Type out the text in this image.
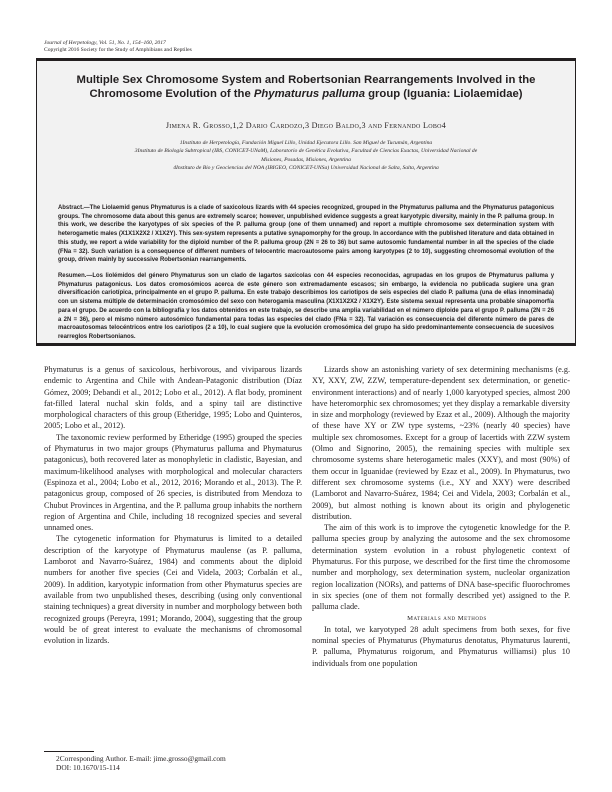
Journal of Herpetology, Vol. 51, No. 1, 154–160, 2017
Copyright 2016 Society for the Study of Amphibians and Reptiles
Multiple Sex Chromosome System and Robertsonian Rearrangements Involved in the
Chromosome Evolution of the Phymaturus palluma group (Iguania: Liolaemidae)
Jimena R. Grosso,1,2 Dario Cardozo,3 Diego Baldo,3 and Fernando Lobo4
1Instituto de Herpetología, Fundación Miguel Lillo, Unidad Ejecutora Lillo. San Miguel de Tucumán, Argentina
3Instituto de Biología Subtropical (IBS, CONICET-UNaM), Laboratorio de Genética Evolutiva, Facultad de Ciencias Exactas, Universidad Nacional de
Misiones, Posadas, Misiones, Argentina
4Instituto de Bio y Geociencias del NOA (IBIGEO, CONICET-UNSa) Universidad Nacional de Salta, Salta, Argentina
Abstract.—The Liolaemid genus Phymaturus is a clade of saxicolous lizards with 44 species recognized, grouped in the Phymaturus palluma and the Phymaturus patagonicus groups. The chromosome data about this genus are extremely scarce; however, unpublished evidence suggests a great karyotypic diversity, mainly in the P. palluma group. In this work, we describe the karyotypes of six species of the P. palluma group (one of them unnamed) and report a multiple chromosome sex determination system with heterogametic males (X1X1X2X2 / X1X2Y). This sex-system represents a putative synapomorphy for the group. In accordance with the published literature and data obtained in this study, we report a wide variability for the diploid number of the P. palluma group (2N = 26 to 36) but same autosomic fundamental number in all the species of the clade (FNa = 32). Such variation is a consequence of different numbers of telocentric macroautosome pairs among karyotypes (2 to 10), suggesting chromosomal evolution of the group, driven mainly by successive Robertsonian rearrangements.
Resumen.—Los liolémidos del género Phymaturus son un clado de lagartos saxícolas con 44 especies reconocidas, agrupadas en los grupos de Phymaturus palluma y Phymaturus patagonicus. Los datos cromosómicos acerca de este género son extremadamente escasos; sin embargo, la evidencia no publicada sugiere una gran diversificación cariotípica, principalmente en el grupo P. palluma. En este trabajo describimos los cariotipos de seis especies del clado P. palluma (una de ellas innominada) con un sistema múltiple de determinación cromosómico del sexo con heterogamia masculina (X1X1X2X2 / X1X2Y). Este sistema sexual representa una probable sinapomorfía para el grupo. De acuerdo con la bibliografía y los datos obtenidos en este trabajo, se describe una amplia variabilidad en el número diploide para el grupo P. palluma (2N = 26 a 2N = 36), pero el mismo número autosómico fundamental para todas las especies del clado (FNa = 32). Tal variación es consecuencia del diferente número de pares de macroautosomas telocéntricos entre los cariotipos (2 a 10), lo cual sugiere que la evolución cromosómica del grupo ha sido predominantemente consecuencia de sucesivos rearreglos Robertsonianos.

Phymaturus is a genus of saxicolous, herbivorous, and viviparous lizards endemic to Argentina and Chile with Andean-Patagonic distribution (Díaz Gómez, 2009; Debandi et al., 2012; Lobo et al., 2012). A flat body, prominent fat-filled lateral nuchal skin folds, and a spiny tail are distinctive morphological characters of this group (Etheridge, 1995; Lobo and Quinteros, 2005; Lobo et al., 2012).

The taxonomic review performed by Etheridge (1995) grouped the species of Phymaturus in two major groups (Phymaturus palluma and Phymaturus patagonicus), both recovered later as monophyletic in cladistic, Bayesian, and maximum-likelihood analyses with morphological and molecular characters (Espinoza et al., 2004; Lobo et al., 2012, 2016; Morando et al., 2013). The P. patagonicus group, composed of 26 species, is distributed from Mendoza to Chubut Provinces in Argentina, and the P. palluma group inhabits the northern region of Argentina and Chile, including 18 recognized species and several unnamed ones.

The cytogenetic information for Phymaturus is limited to a detailed description of the karyotype of Phymaturus maulense (as P. palluma, Lamborot and Navarro-Suárez, 1984) and comments about the diploid numbers for another five species (Cei and Videla, 2003; Corbalán et al., 2009). In addition, karyotypic information from other Phymaturus species are available from two unpublished theses, describing (using only conventional staining techniques) a great diversity in number and morphology between both recognized groups (Pereyra, 1991; Morando, 2004), suggesting that the group would be of great interest to evaluate the mechanisms of chromosomal evolution in lizards.

Lizards show an astonishing variety of sex determining mechanisms (e.g. XY, XXY, ZW, ZZW, temperature-dependent sex determination, or genetic-environment interactions) and of nearly 1,000 karyotyped species, almost 200 have heteromorphic sex chromosomes; yet they display a remarkable diversity in size and morphology (reviewed by Ezaz et al., 2009). Although the majority of these have XY or ZW type systems, ~23% (nearly 40 species) have multiple sex chromosomes. Except for a group of lacertids with ZZW system (Olmo and Signorino, 2005), the remaining species with multiple sex chromosome systems share heterogametic males (XXY), and most (90%) of them occur in Iguanidae (reviewed by Ezaz et al., 2009). In Phymaturus, two different sex chromosome systems (i.e., XY and XXY) were described (Lamborot and Navarro-Suárez, 1984; Cei and Videla, 2003; Corbalán et al., 2009), but almost nothing is known about its origin and phylogenetic distribution.

The aim of this work is to improve the cytogenetic knowledge for the P. palluma species group by analyzing the autosome and the sex chromosome determination system evolution in a robust phylogenetic context of Phymaturus. For this purpose, we described for the first time the chromosome number and morphology, sex determination system, nucleolar organization region localization (NORs), and patterns of DNA base-specific fluorochromes in six species (one of them not formally described yet) assigned to the P. palluma clade.

Materials and Methods

In total, we karyotyped 28 adult specimens from both sexes, for five nominal species of Phymaturus (Phymaturus denotatus, Phymaturus laurenti, P. palluma, Phymaturus roigorum, and Phymaturus williamsi) plus 10 individuals from one population

2Corresponding Author. E-mail: jime.grosso@gmail.com
DOI: 10.1670/15-114
